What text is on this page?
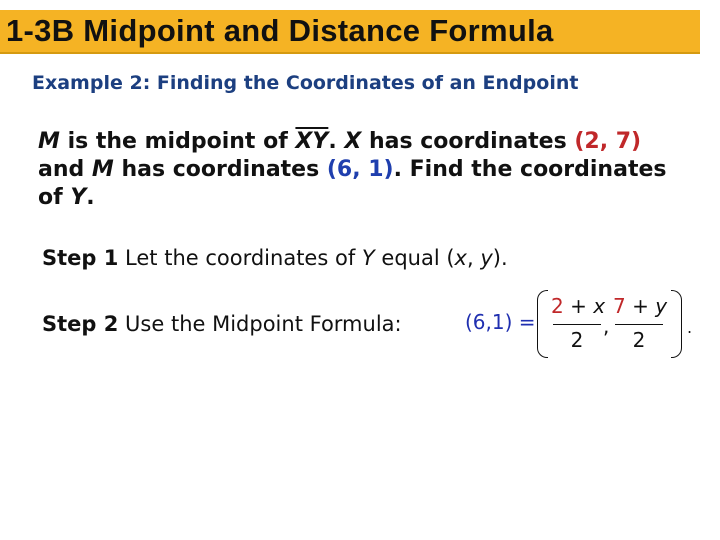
1-3B Midpoint and Distance Formula
Example 2: Finding the Coordinates of an Endpoint
M is the midpoint of $\overline{XY}$. X has coordinates (2, 7) and M has coordinates (6, 1). Find the coordinates of Y.
Step 1 Let the coordinates of Y equal (x, y).
Step 2 Use the Midpoint Formula:	(6,1) =
2 + x
2
,
7 + y
2
.
